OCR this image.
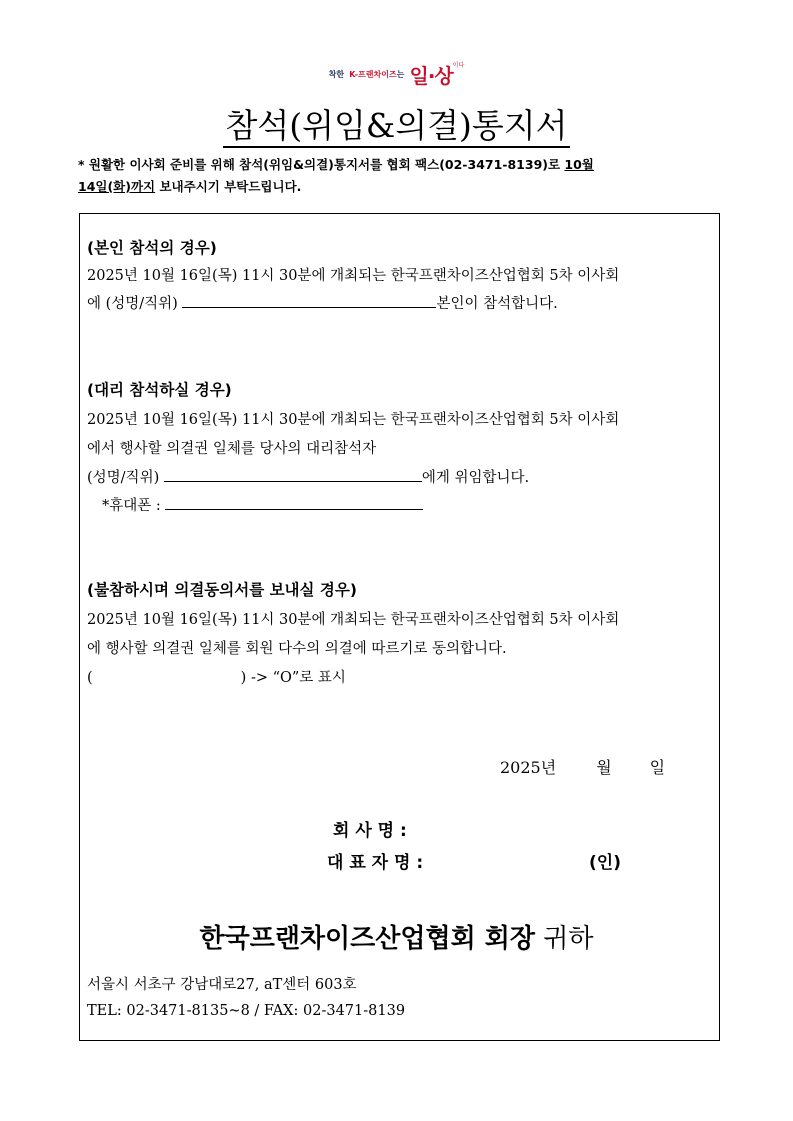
착한 K-프랜차이즈는 일·상$^{이다}$
참석(위임&의결)통지서
* 원활한 이사회 준비를 위해 참석(위임&의결)통지서를 협회 팩스(02-3471-8139)로 10월
14일(화)까지 보내주시기 부탁드립니다.
(본인 참석의 경우)
2025년 10월 16일(목) 11시 30분에 개최되는 한국프랜차이즈산업협회 5차 이사회
에 (성명/직위)	본인이 참석합니다.
(대리 참석하실 경우)
2025년 10월 16일(목) 11시 30분에 개최되는 한국프랜차이즈산업협회 5차 이사회
에서 행사할 의결권 일체를 당사의 대리참석자
(성명/직위)	에게 위임합니다.
*휴대폰 :
(불참하시며 의결동의서를 보내실 경우)
2025년 10월 16일(목) 11시 30분에 개최되는 한국프랜차이즈산업협회 5차 이사회
에 행사할 의결권 일체를 회원 다수의 의결에 따르기로 동의합니다.
(	) -> “O”로 표시
2025년	월 일
회 사 명 :
대 표 자 명 :	(인)
한국프랜차이즈산업협회 회장 귀하
서울시 서초구 강남대로27, aT센터 603호
TEL: 02-3471-8135~8 / FAX: 02-3471-8139
